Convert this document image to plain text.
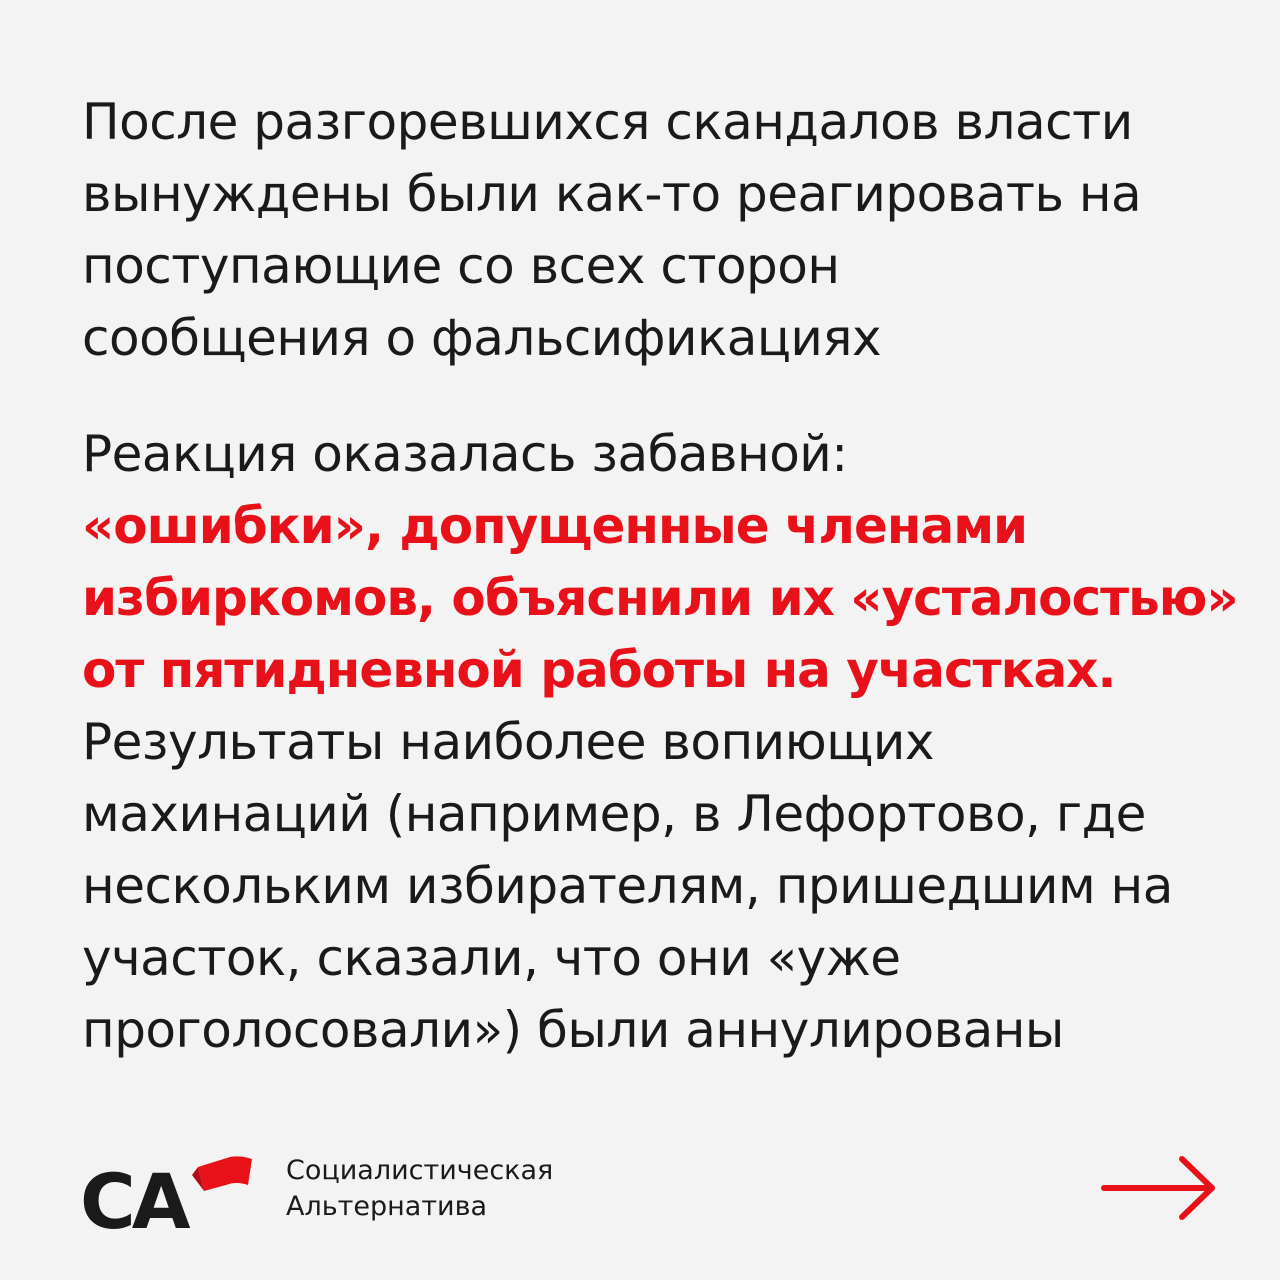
После разгоревшихся скандалов власти
вынуждены были как-то реагировать на
поступающие со всех сторон
сообщения о фальсификациях
Реакция оказалась забавной:
«ошибки», допущенные членами
избиркомов, объяснили их «усталостью»
от пятидневной работы на участках.
Результаты наиболее вопиющих
махинаций (например, в Лефортово, где
нескольким избирателям, пришедшим на
участок, сказали, что они «уже
проголосовали») были аннулированы
СА	Социалистическая
Альтернатива
